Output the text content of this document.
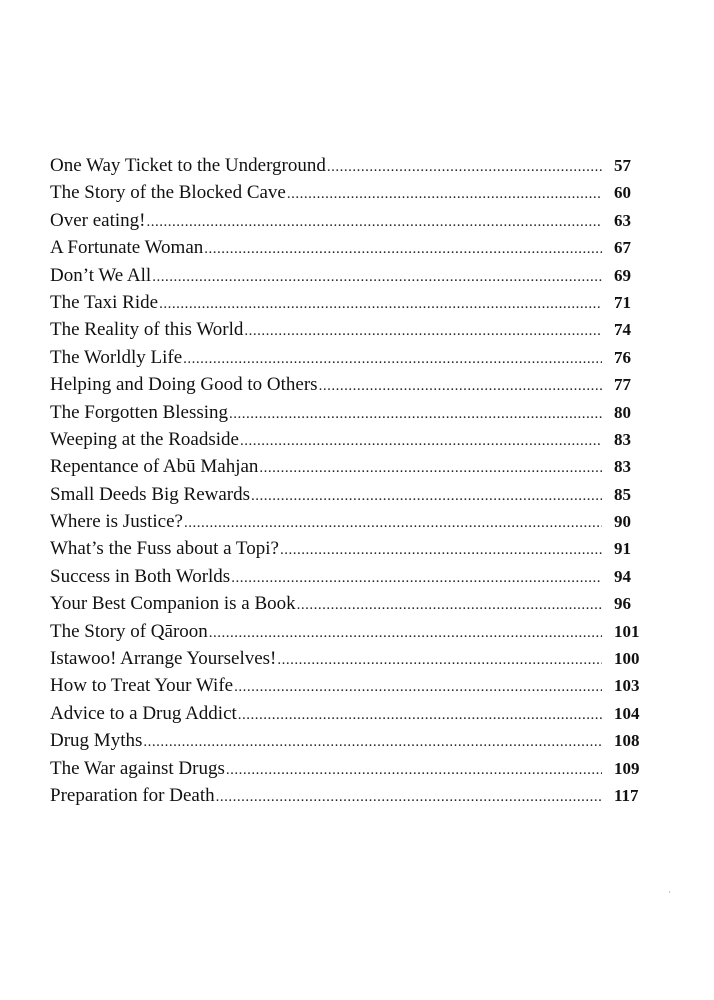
One Way Ticket to the Underground .....	57
The Story of the Blocked Cave .....	60
Over eating! .....	63
A Fortunate Woman .....	67
Don’t We All .....	69
The Taxi Ride .....	71
The Reality of this World .....	74
The Worldly Life .....	76
Helping and Doing Good to Others .....	77
The Forgotten Blessing .....	80
Weeping at the Roadside .....	83
Repentance of Abū Mahjan .....	83
Small Deeds Big Rewards .....	85
Where is Justice? .....	90
What’s the Fuss about a Topi? .....	91
Success in Both Worlds .....	94
Your Best Companion is a Book .....	96
The Story of Qāroon .....	101
Istawoo! Arrange Yourselves! .....	100
How to Treat Your Wife .....	103
Advice to a Drug Addict .....	104
Drug Myths .....	108
The War against Drugs .....	109
Preparation for Death .....	117
·
